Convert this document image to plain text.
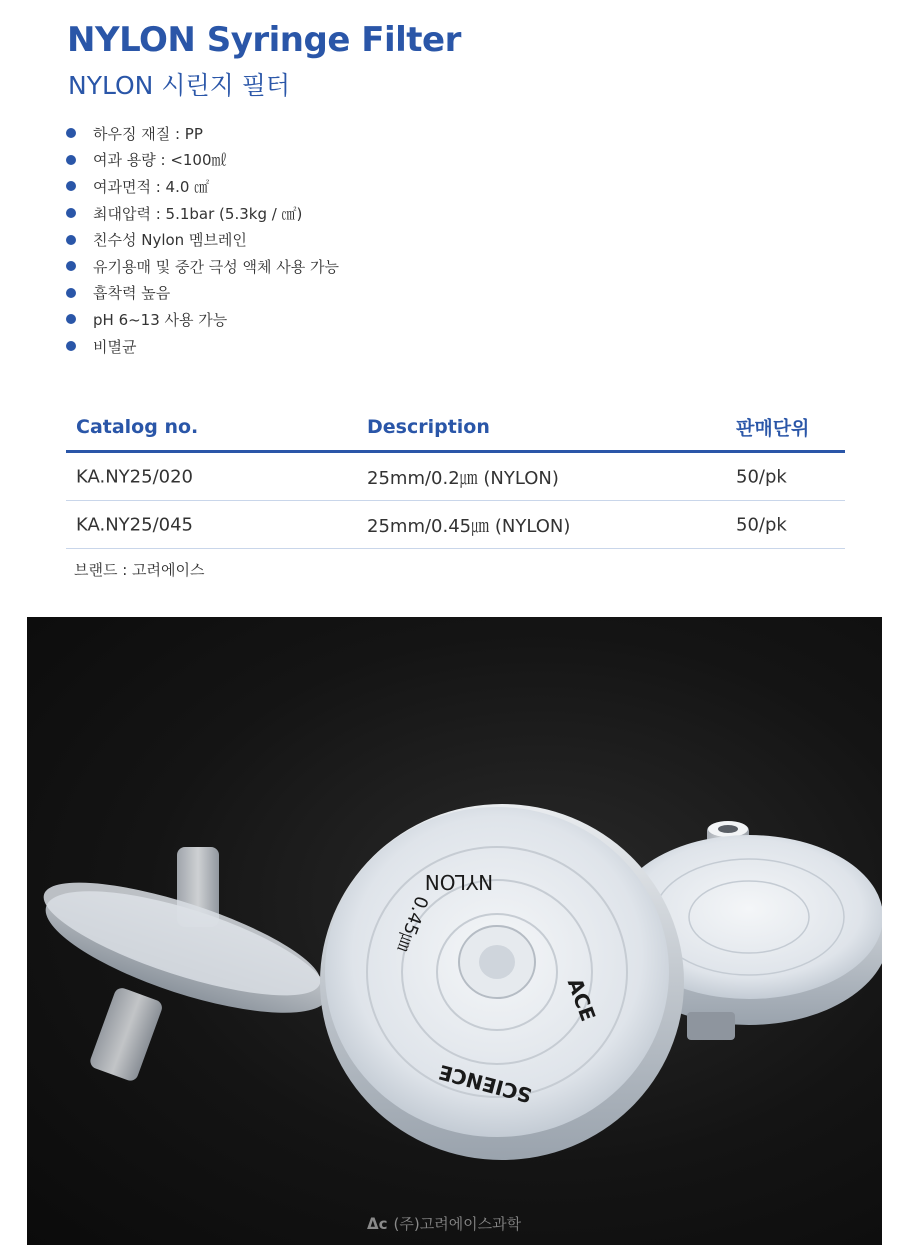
NYLON Syringe Filter
NYLON 시린지 필터
하우징 재질 : PP
여과 용량 : <100㎖
여과면적 : 4.0 ㎠
최대압력 : 5.1bar (5.3kg / ㎠)
친수성 Nylon 멤브레인
유기용매 및 중간 극성 액체 사용 가능
흡착력 높음
pH 6~13 사용 가능
비멸균
Catalog no.	Description	판매단위
KA.NY25/020	25mm/0.2㎛ (NYLON)	50/pk
KA.NY25/045	25mm/0.45㎛ (NYLON)	50/pk
브랜드 : 고려에이스
NYLON
0.45㎛
ACE
SCIENCE
ᐃc (주)고려에이스과학
